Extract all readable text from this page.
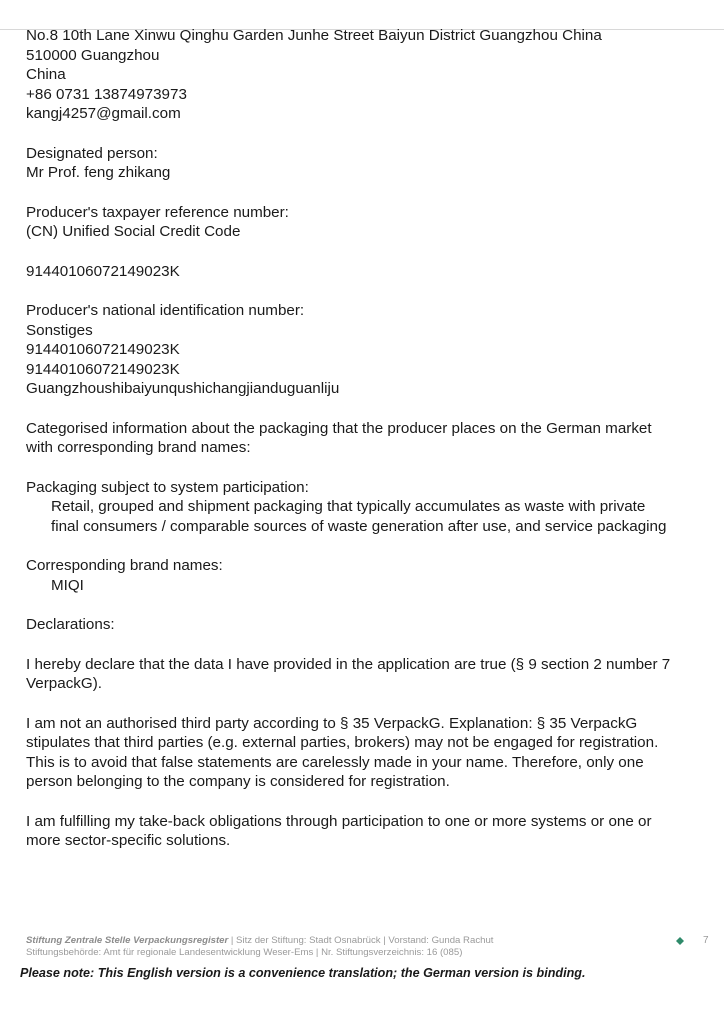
No.8 10th Lane Xinwu Qinghu Garden Junhe Street Baiyun District Guangzhou China
510000 Guangzhou
China
+86 0731 13874973973
kangj4257@gmail.com
Designated person:
Mr Prof. feng zhikang
Producer's taxpayer reference number:
(CN) Unified Social Credit Code
91440106072149023K
Producer's national identification number:
Sonstiges
91440106072149023K
91440106072149023K
Guangzhoushibaiyunqushichangjianduguanliju
Categorised information about the packaging that the producer places on the German market
with corresponding brand names:
Packaging subject to system participation:
Retail, grouped and shipment packaging that typically accumulates as waste with private
final consumers / comparable sources of waste generation after use, and service packaging
Corresponding brand names:
MIQI
Declarations:
I hereby declare that the data I have provided in the application are true (§ 9 section 2 number 7
VerpackG).
I am not an authorised third party according to § 35 VerpackG. Explanation: § 35 VerpackG
stipulates that third parties (e.g. external parties, brokers) may not be engaged for registration.
This is to avoid that false statements are carelessly made in your name. Therefore, only one
person belonging to the company is considered for registration.
I am fulfilling my take-back obligations through participation to one or more systems or one or
more sector-specific solutions.
Stiftung Zentrale Stelle Verpackungsregister | Sitz der Stiftung: Stadt Osnabrück | Vorstand: Gunda Rachut
Stiftungsbehörde: Amt für regionale Landesentwicklung Weser-Ems | Nr. Stiftungsverzeichnis: 16 (085)
7
Please note: This English version is a convenience translation; the German version is binding.
